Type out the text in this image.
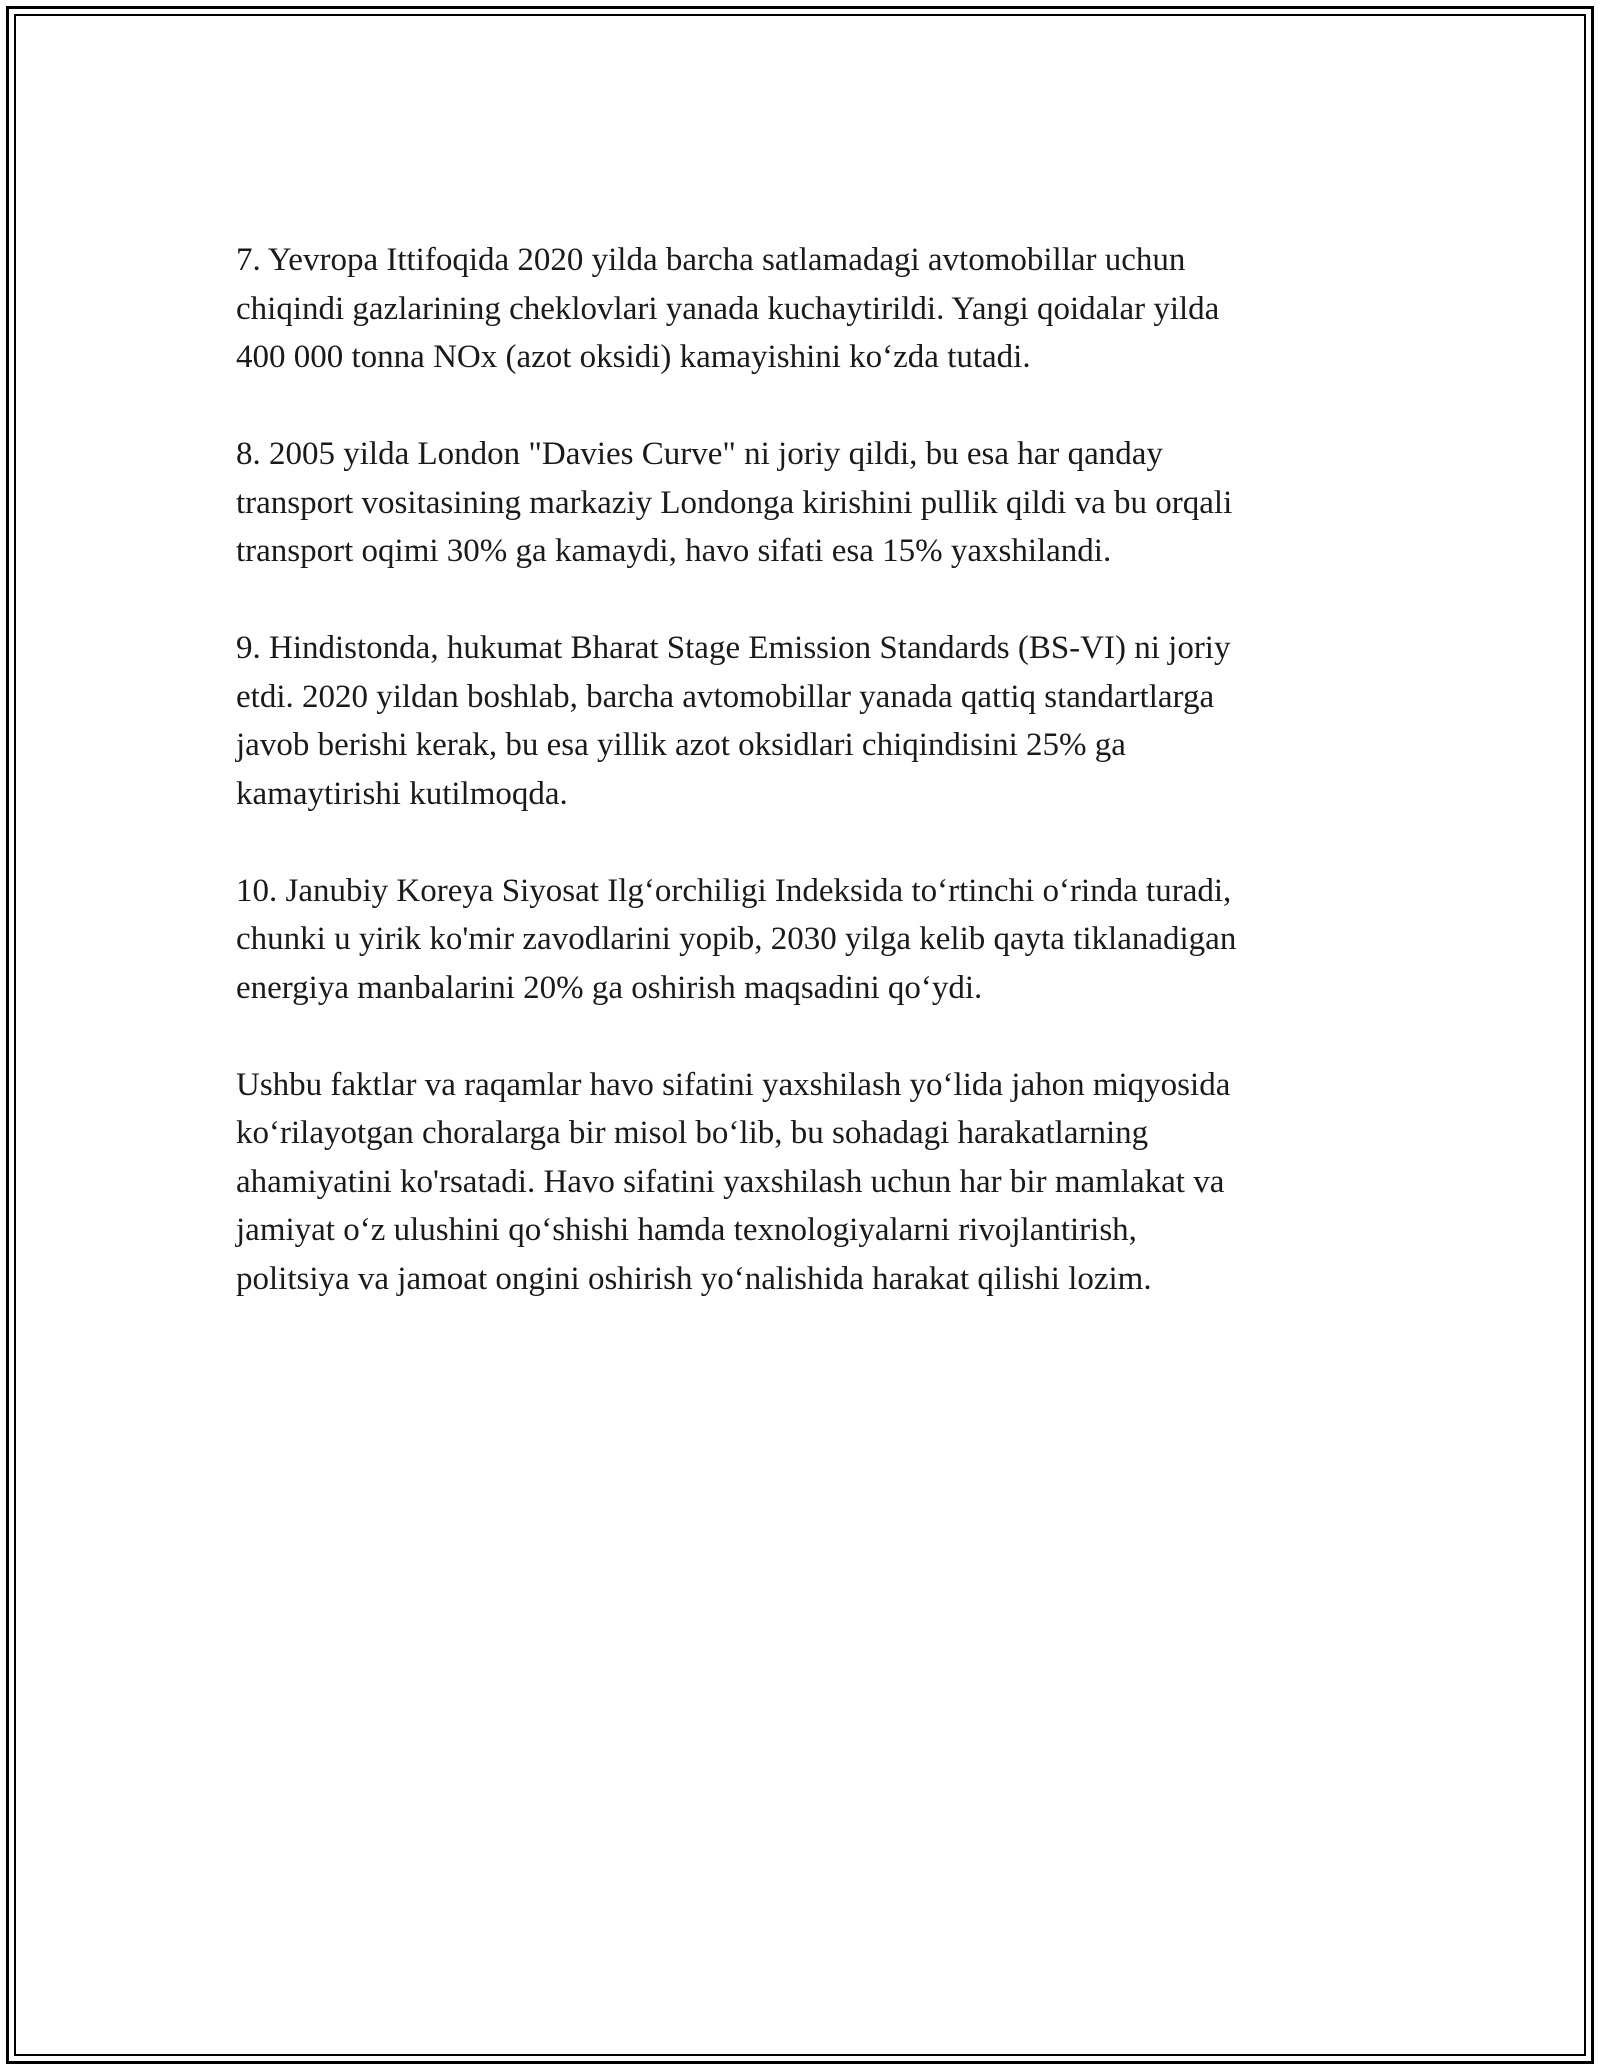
7. Yevropa Ittifoqida 2020 yilda barcha satlamadagi avtomobillar uchun
chiqindi gazlarining cheklovlari yanada kuchaytirildi. Yangi qoidalar yilda
400 000 tonna NOx (azot oksidi) kamayishini ko‘zda tutadi.

8. 2005 yilda London "Davies Curve" ni joriy qildi, bu esa har qanday
transport vositasining markaziy Londonga kirishini pullik qildi va bu orqali
transport oqimi 30% ga kamaydi, havo sifati esa 15% yaxshilandi.

9. Hindistonda, hukumat Bharat Stage Emission Standards (BS-VI) ni joriy
etdi. 2020 yildan boshlab, barcha avtomobillar yanada qattiq standartlarga
javob berishi kerak, bu esa yillik azot oksidlari chiqindisini 25% ga
kamaytirishi kutilmoqda.

10. Janubiy Koreya Siyosat Ilg‘orchiligi Indeksida to‘rtinchi o‘rinda turadi,
chunki u yirik ko'mir zavodlarini yopib, 2030 yilga kelib qayta tiklanadigan
energiya manbalarini 20% ga oshirish maqsadini qo‘ydi.

Ushbu faktlar va raqamlar havo sifatini yaxshilash yo‘lida jahon miqyosida
ko‘rilayotgan choralarga bir misol bo‘lib, bu sohadagi harakatlarning
ahamiyatini ko'rsatadi. Havo sifatini yaxshilash uchun har bir mamlakat va
jamiyat o‘z ulushini qo‘shishi hamda texnologiyalarni rivojlantirish,
politsiya va jamoat ongini oshirish yo‘nalishida harakat qilishi lozim.
